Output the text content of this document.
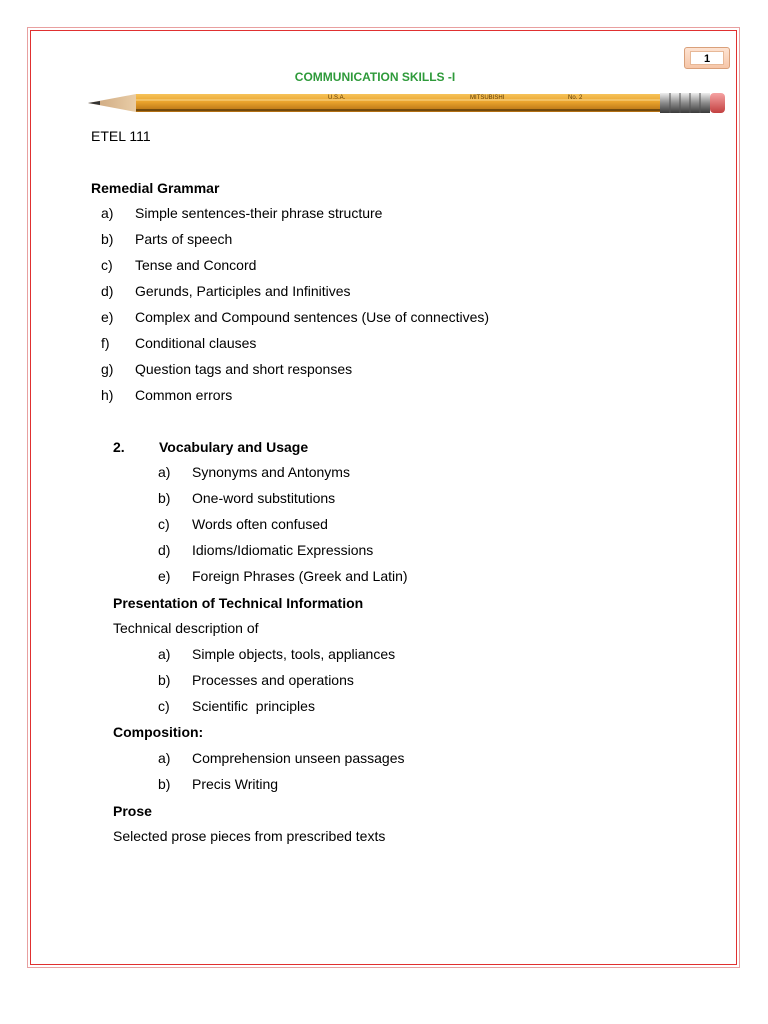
1
COMMUNICATION SKILLS -I
U.S.A.	MITSUBISHI	No. 2
ETEL 111
Remedial Grammar
a) Simple sentences-their phrase structure
b) Parts of speech
c) Tense and Concord
d) Gerunds, Participles and Infinitives
e) Complex and Compound sentences (Use of connectives)
f) Conditional clauses
g) Question tags and short responses
h) Common errors
2. Vocabulary and Usage
a) Synonyms and Antonyms
b) One-word substitutions
c) Words often confused
d) Idioms/Idiomatic Expressions
e) Foreign Phrases (Greek and Latin)
Presentation of Technical Information
Technical description of
a) Simple objects, tools, appliances
b) Processes and operations
c) Scientific  principles
Composition:
a) Comprehension unseen passages
b) Precis Writing
Prose
Selected prose pieces from prescribed texts
